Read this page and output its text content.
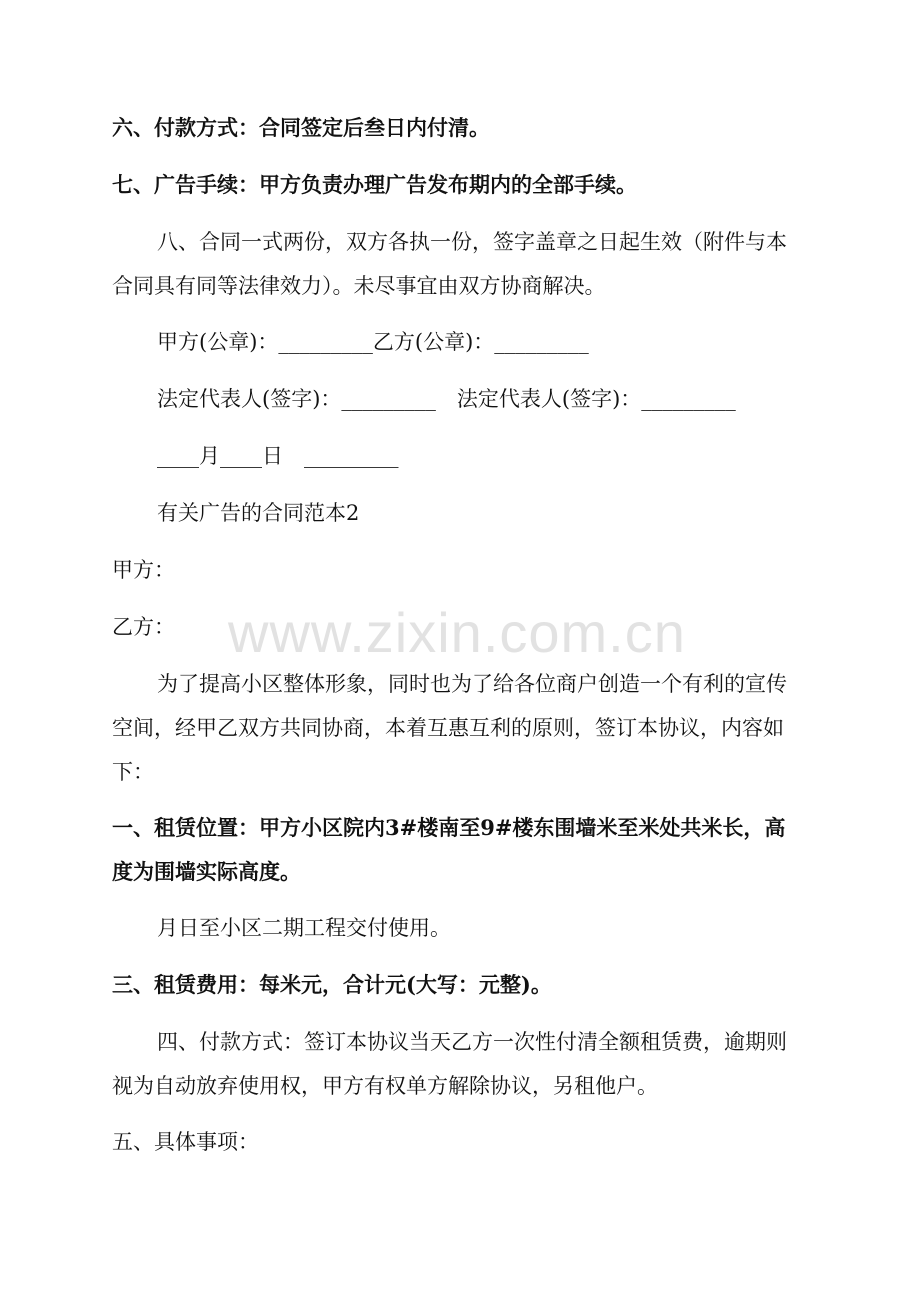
六、付款方式：合同签定后叁日内付清。
七、广告手续：甲方负责办理广告发布期内的全部手续。
八、合同一式两份，双方各执一份，签字盖章之日起生效（附件与本
合同具有同等法律效力）。未尽事宜由双方协商解决。
甲方(公章)：_________乙方(公章)：_________
法定代表人(签字)：_________　法定代表人(签字)：_________
____月____日　_________
有关广告的合同范本2
甲方：
乙方：
为了提高小区整体形象，同时也为了给各位商户创造一个有利的宣传
空间，经甲乙双方共同协商，本着互惠互利的原则，签订本协议，内容如
下：
一、租赁位置：甲方小区院内3#楼南至9#楼东围墙米至米处共米长，高
度为围墙实际高度。
月日至小区二期工程交付使用。
三、租赁费用：每米元，合计元(大写：元整)。
四、付款方式：签订本协议当天乙方一次性付清全额租赁费，逾期则
视为自动放弃使用权，甲方有权单方解除协议，另租他户。
五、具体事项：
www.zixin.com.cn
